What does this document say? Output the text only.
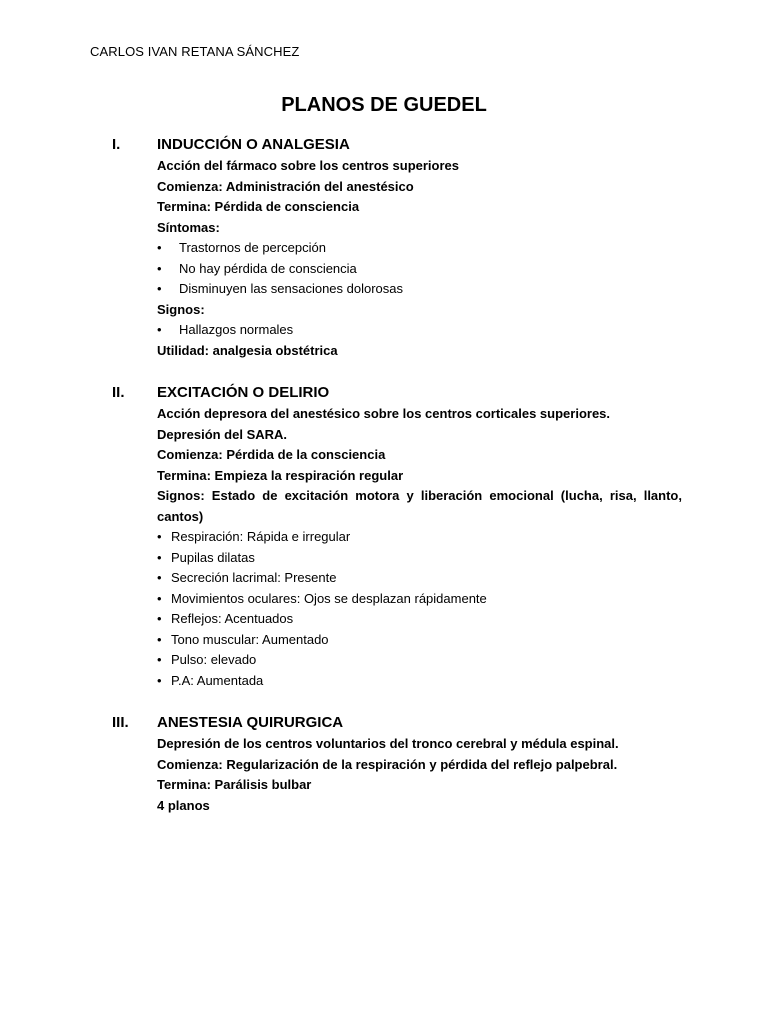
CARLOS IVAN RETANA SÁNCHEZ
PLANOS DE GUEDEL
I.	INDUCCIÓN O ANALGESIA
Acción del fármaco sobre los centros superiores
Comienza: Administración del anestésico
Termina: Pérdida de consciencia
Síntomas:
•	Trastornos de percepción
•	No hay pérdida de consciencia
•	Disminuyen las sensaciones dolorosas
Signos:
•	Hallazgos normales
Utilidad: analgesia obstétrica
II.	EXCITACIÓN O DELIRIO
Acción depresora del anestésico sobre los centros corticales superiores.
Depresión del SARA.
Comienza: Pérdida de la consciencia
Termina: Empieza la respiración regular
Signos: Estado de excitación motora y liberación emocional (lucha, risa, llanto, cantos)
• Respiración: Rápida e irregular
• Pupilas dilatas
• Secreción lacrimal: Presente
• Movimientos oculares: Ojos se desplazan rápidamente
• Reflejos: Acentuados
• Tono muscular: Aumentado
• Pulso: elevado
• P.A: Aumentada
III.	ANESTESIA QUIRURGICA
Depresión de los centros voluntarios del tronco cerebral y médula espinal.
Comienza: Regularización de la respiración y pérdida del reflejo palpebral.
Termina: Parálisis bulbar
4 planos
